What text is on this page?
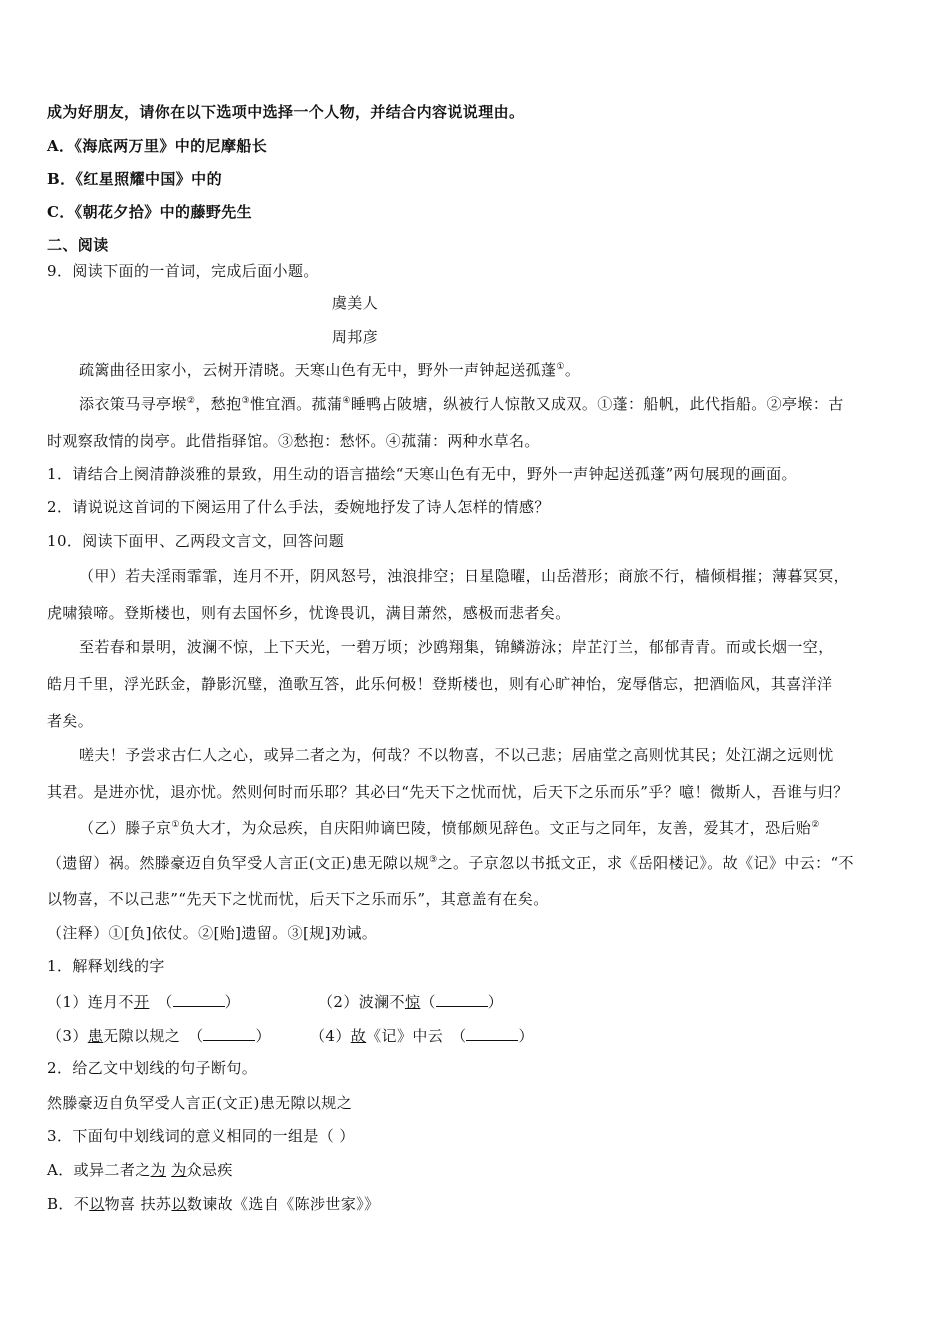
成为好朋友，请你在以下选项中选择一个人物，并结合内容说说理由。
A．《海底两万里》中的尼摩船长
B．《红星照耀中国》中的
C．《朝花夕拾》中的藤野先生
二、阅读
9．阅读下面的一首词，完成后面小题。
虞美人
周邦彦
疏篱曲径田家小，云树开清晓。天寒山色有无中，野外一声钟起送孤蓬①。
添衣策马寻亭堠②，愁抱③惟宜酒。菰蒲④睡鸭占陂塘，纵被行人惊散又成双。①蓬：船帆，此代指船。②亭堠：古
时观察敌情的岗亭。此借指驿馆。③愁抱：愁怀。④菰蒲：两种水草名。
1．请结合上阕清静淡雅的景致，用生动的语言描绘“天寒山色有无中，野外一声钟起送孤蓬”两句展现的画面。
2．请说说这首词的下阕运用了什么手法，委婉地抒发了诗人怎样的情感？
10．阅读下面甲、乙两段文言文，回答问题
（甲）若夫淫雨霏霏，连月不开，阴风怒号，浊浪排空；日星隐曜，山岳潜形；商旅不行，樯倾楫摧；薄暮冥冥，
虎啸猿啼。登斯楼也，则有去国怀乡，忧谗畏讥，满目萧然，感极而悲者矣。
至若春和景明，波澜不惊，上下天光，一碧万顷；沙鸥翔集，锦鳞游泳；岸芷汀兰，郁郁青青。而或长烟一空，
皓月千里，浮光跃金，静影沉璧，渔歌互答，此乐何极！登斯楼也，则有心旷神怡，宠辱偕忘，把酒临风，其喜洋洋
者矣。
嗟夫！予尝求古仁人之心，或异二者之为，何哉？不以物喜，不以己悲；居庙堂之高则忧其民；处江湖之远则忧
其君。是进亦忧，退亦忧。然则何时而乐耶？其必曰“先天下之忧而忧，后天下之乐而乐”乎？噫！微斯人，吾谁与归？
（乙）滕子京①负大才，为众忌疾，自庆阳帅谪巴陵，愤郁颇见辞色。文正与之同年，友善，爱其才，恐后贻②
（遗留）祸。然滕豪迈自负罕受人言正(文正)患无隙以规③之。子京忽以书抵文正，求《岳阳楼记》。故《记》中云：“不
以物喜，不以己悲”“先天下之忧而忧，后天下之乐而乐”，其意盖有在矣。
（注释）①[负]依仗。②[贻]遗留。③[规]劝诫。
1．解释划线的字
（1）连月不开　（	）	（2）波澜不惊（	）
（3）患无隙以规之　（	）	（4）故《记》中云　（	）
2．给乙文中划线的句子断句。
然滕豪迈自负罕受人言正(文正)患无隙以规之
3．下面句中划线词的意义相同的一组是（ ）
A．或异二者之为 为众忌疾
B．不以物喜 扶苏以数谏故《选自《陈涉世家》》
